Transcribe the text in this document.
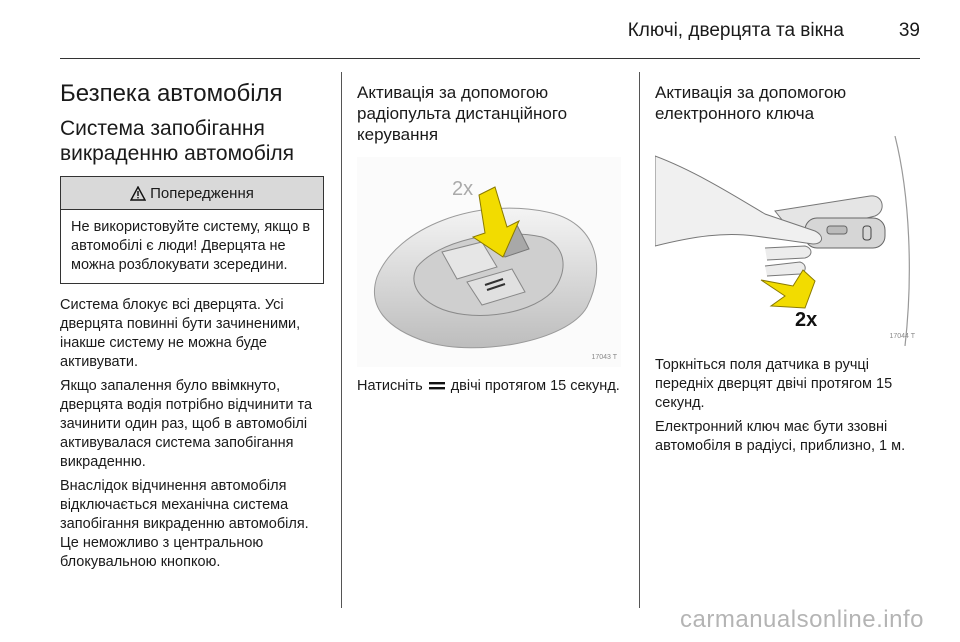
Ключі, дверцята та вікна	39
Безпека автомобіля
Система запобігання викраденню автомобіля
Попередження
Не використовуйте систему, якщо в автомобілі є люди! Дверцята не можна розблокувати зсередини.

Система блокує всі дверцята. Усі дверцята повинні бути зачиненими, інакше систему не можна буде активувати.

Якщо запалення було ввімкнуто, дверцята водія потрібно відчинити та зачинити один раз, щоб в автомобілі активувалася система запобігання викраденню.

Внаслідок відчинення автомобіля відключається механічна система запобігання викраденню автомобіля. Це неможливо з центральною блокувальною кнопкою.

Активація за допомогою радіопульта дистанційного керування
2x
17043 T

Натисніть двічі протягом 15 секунд.

Активація за допомогою електронного ключа
2x
17044 T

Торкніться поля датчика в ручці передніх дверцят двічі протягом 15 секунд.

Електронний ключ має бути ззовні автомобіля в радіусі, приблизно, 1 м.

carmanualsonline.info
